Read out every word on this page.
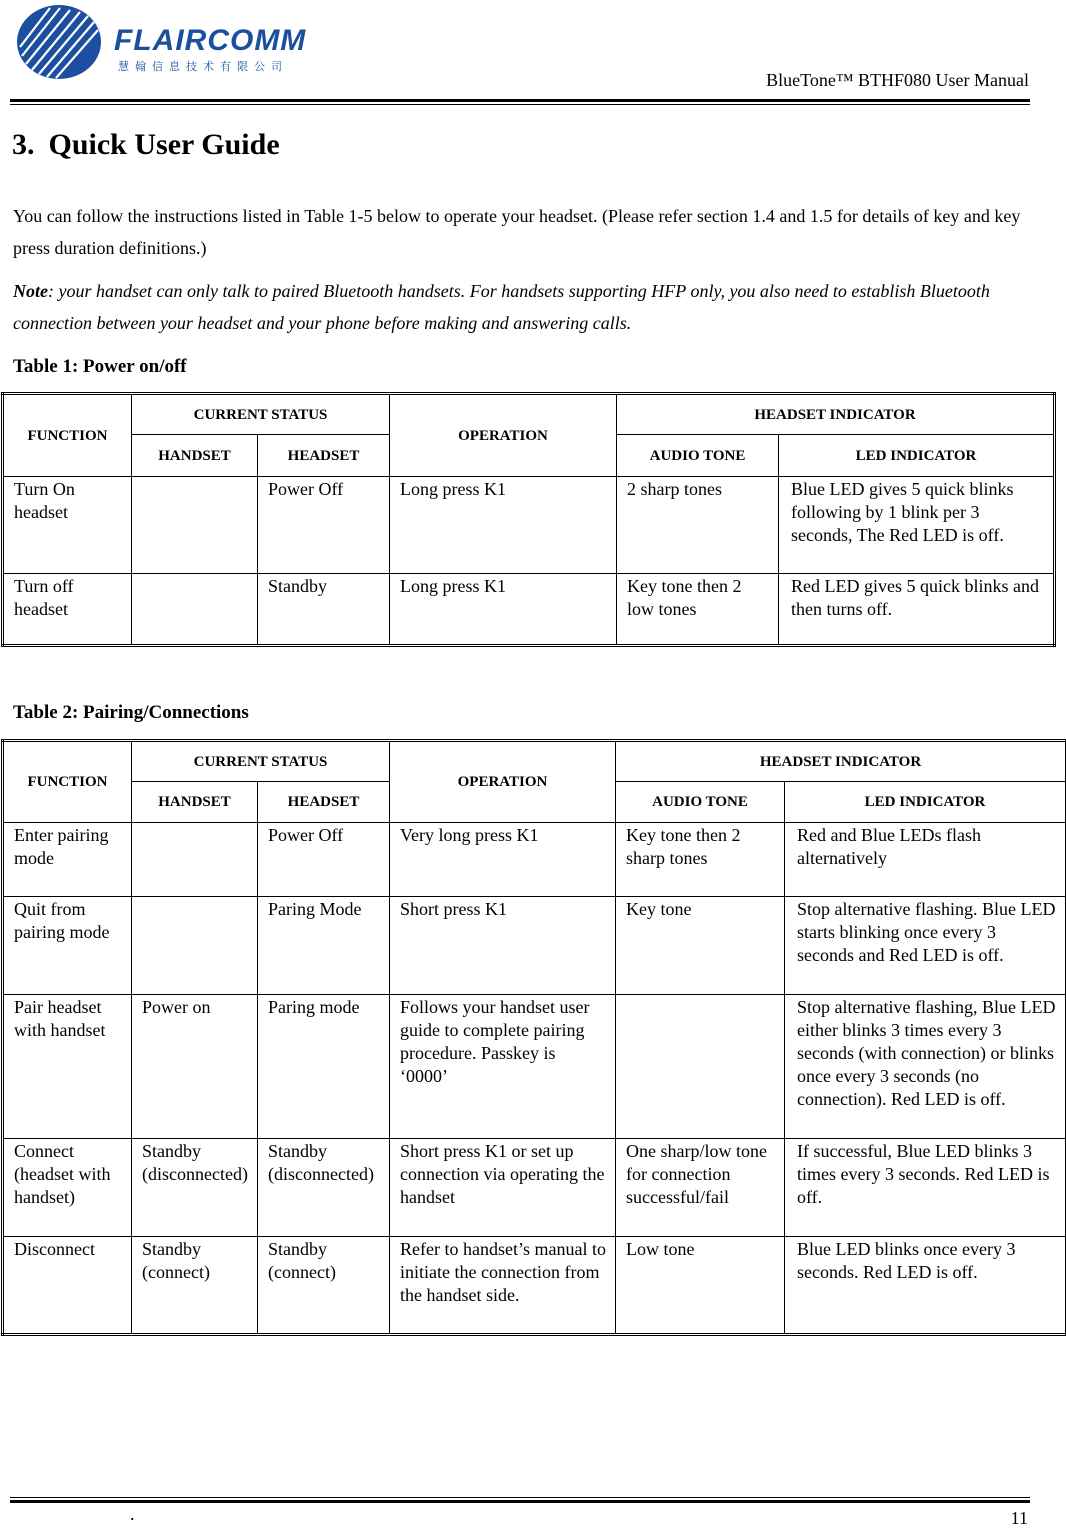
FLAIRCOMM
慧翰信息技术有限公司
BlueTone™ BTHF080 User Manual
3. Quick User Guide

You can follow the instructions listed in Table 1-5 below to operate your headset. (Please refer section 1.4 and 1.5 for details of key and key press duration definitions.)

Note: your handset can only talk to paired Bluetooth handsets. For handsets supporting HFP only, you also need to establish Bluetooth connection between your headset and your phone before making and answering calls.

Table 1: Power on/off

FUNCTION	CURRENT STATUS		OPERATION	HEADSET INDICATOR	
	HANDSET	HEADSET		AUDIO TONE	LED INDICATOR
Turn On headset		Power Off	Long press K1	2 sharp tones	Blue LED gives 5 quick blinks following by 1 blink per 3 seconds, The Red LED is off.
Turn off headset		Standby	Long press K1	Key tone then 2 low tones	Red LED gives 5 quick blinks and then turns off.

Table 2: Pairing/Connections

FUNCTION	CURRENT STATUS		OPERATION	HEADSET INDICATOR	
	HANDSET	HEADSET		AUDIO TONE	LED INDICATOR
Enter pairing mode		Power Off	Very long press K1	Key tone then 2 sharp tones	Red and Blue LEDs flash alternatively
Quit from pairing mode		Paring Mode	Short press K1	Key tone	Stop alternative flashing. Blue LED starts blinking once every 3 seconds and Red LED is off.
Pair headset with handset	Power on	Paring mode	Follows your handset user guide to complete pairing procedure. Passkey is ‘0000’		Stop alternative flashing, Blue LED either blinks 3 times every 3 seconds (with connection) or blinks once every 3 seconds (no connection). Red LED is off.
Connect (headset with handset)	Standby (disconnected)	Standby (disconnected)	Short press K1 or set up connection via operating the handset	One sharp/low tone for connection successful/fail	If successful, Blue LED blinks 3 times every 3 seconds. Red LED is off.
Disconnect	Standby (connect)	Standby (connect)	Refer to handset’s manual to initiate the connection from the handset side.	Low tone	Blue LED blinks once every 3 seconds. Red LED is off.
.	11
